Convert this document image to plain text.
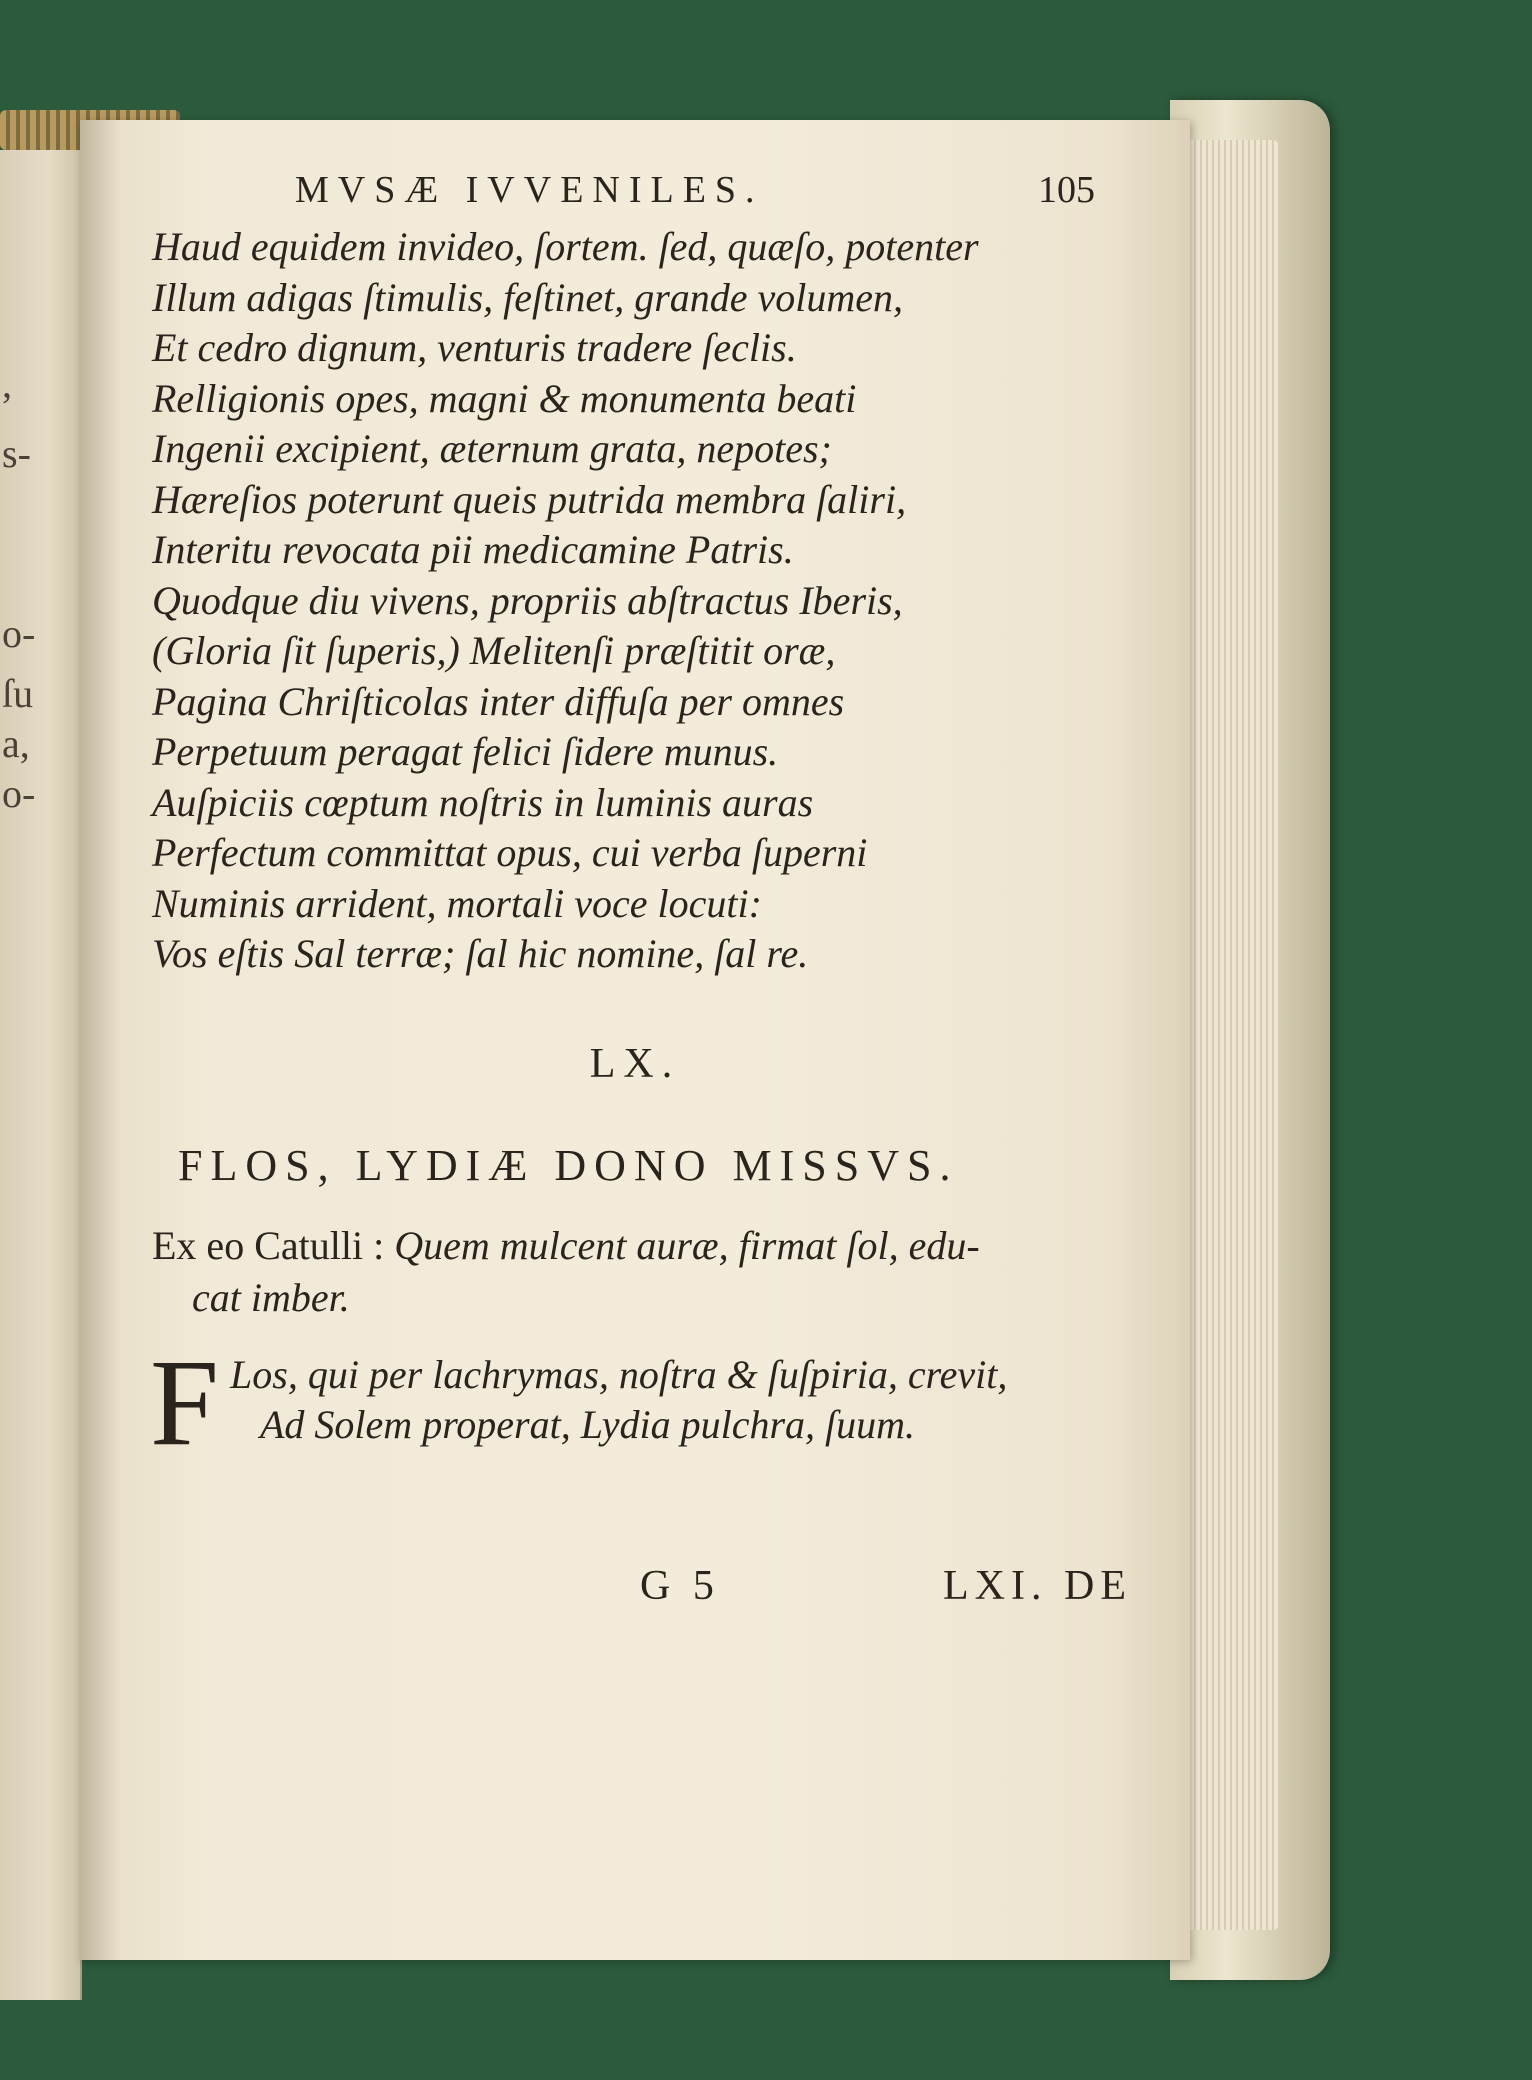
,
s-
o-
ſu
a,
o-
MVSÆ IVVENILES.	105
Haud equidem invideo, ſortem. ſed, quæſo, potenter
Illum adigas ſtimulis, feſtinet, grande volumen,
Et cedro dignum, venturis tradere ſeclis.
Relligionis opes, magni & monumenta beati
Ingenii excipient, æternum grata, nepotes;
Hæreſios poterunt queis putrida membra ſaliri,
Interitu revocata pii medicamine Patris.
Quodque diu vivens, propriis abſtractus Iberis,
(Gloria ſit ſuperis,) Melitenſi præſtitit oræ,
Pagina Chriſticolas inter diffuſa per omnes
Perpetuum peragat felici ſidere munus.
Auſpiciis cœptum noſtris in luminis auras
Perfectum committat opus, cui verba ſuperni
Numinis arrident, mortali voce locuti:
Vos eſtis Sal terræ; ſal hic nomine, ſal re.
LX.
FLOS, LYDIÆ DONO MISSVS.
Ex eo Catulli : Quem mulcent auræ, firmat ſol, edu-
cat imber.
F Los, qui per lachrymas, noſtra & ſuſpiria, crevit,
Ad Solem properat, Lydia pulchra, ſuum.
G 5	LXI. DE
